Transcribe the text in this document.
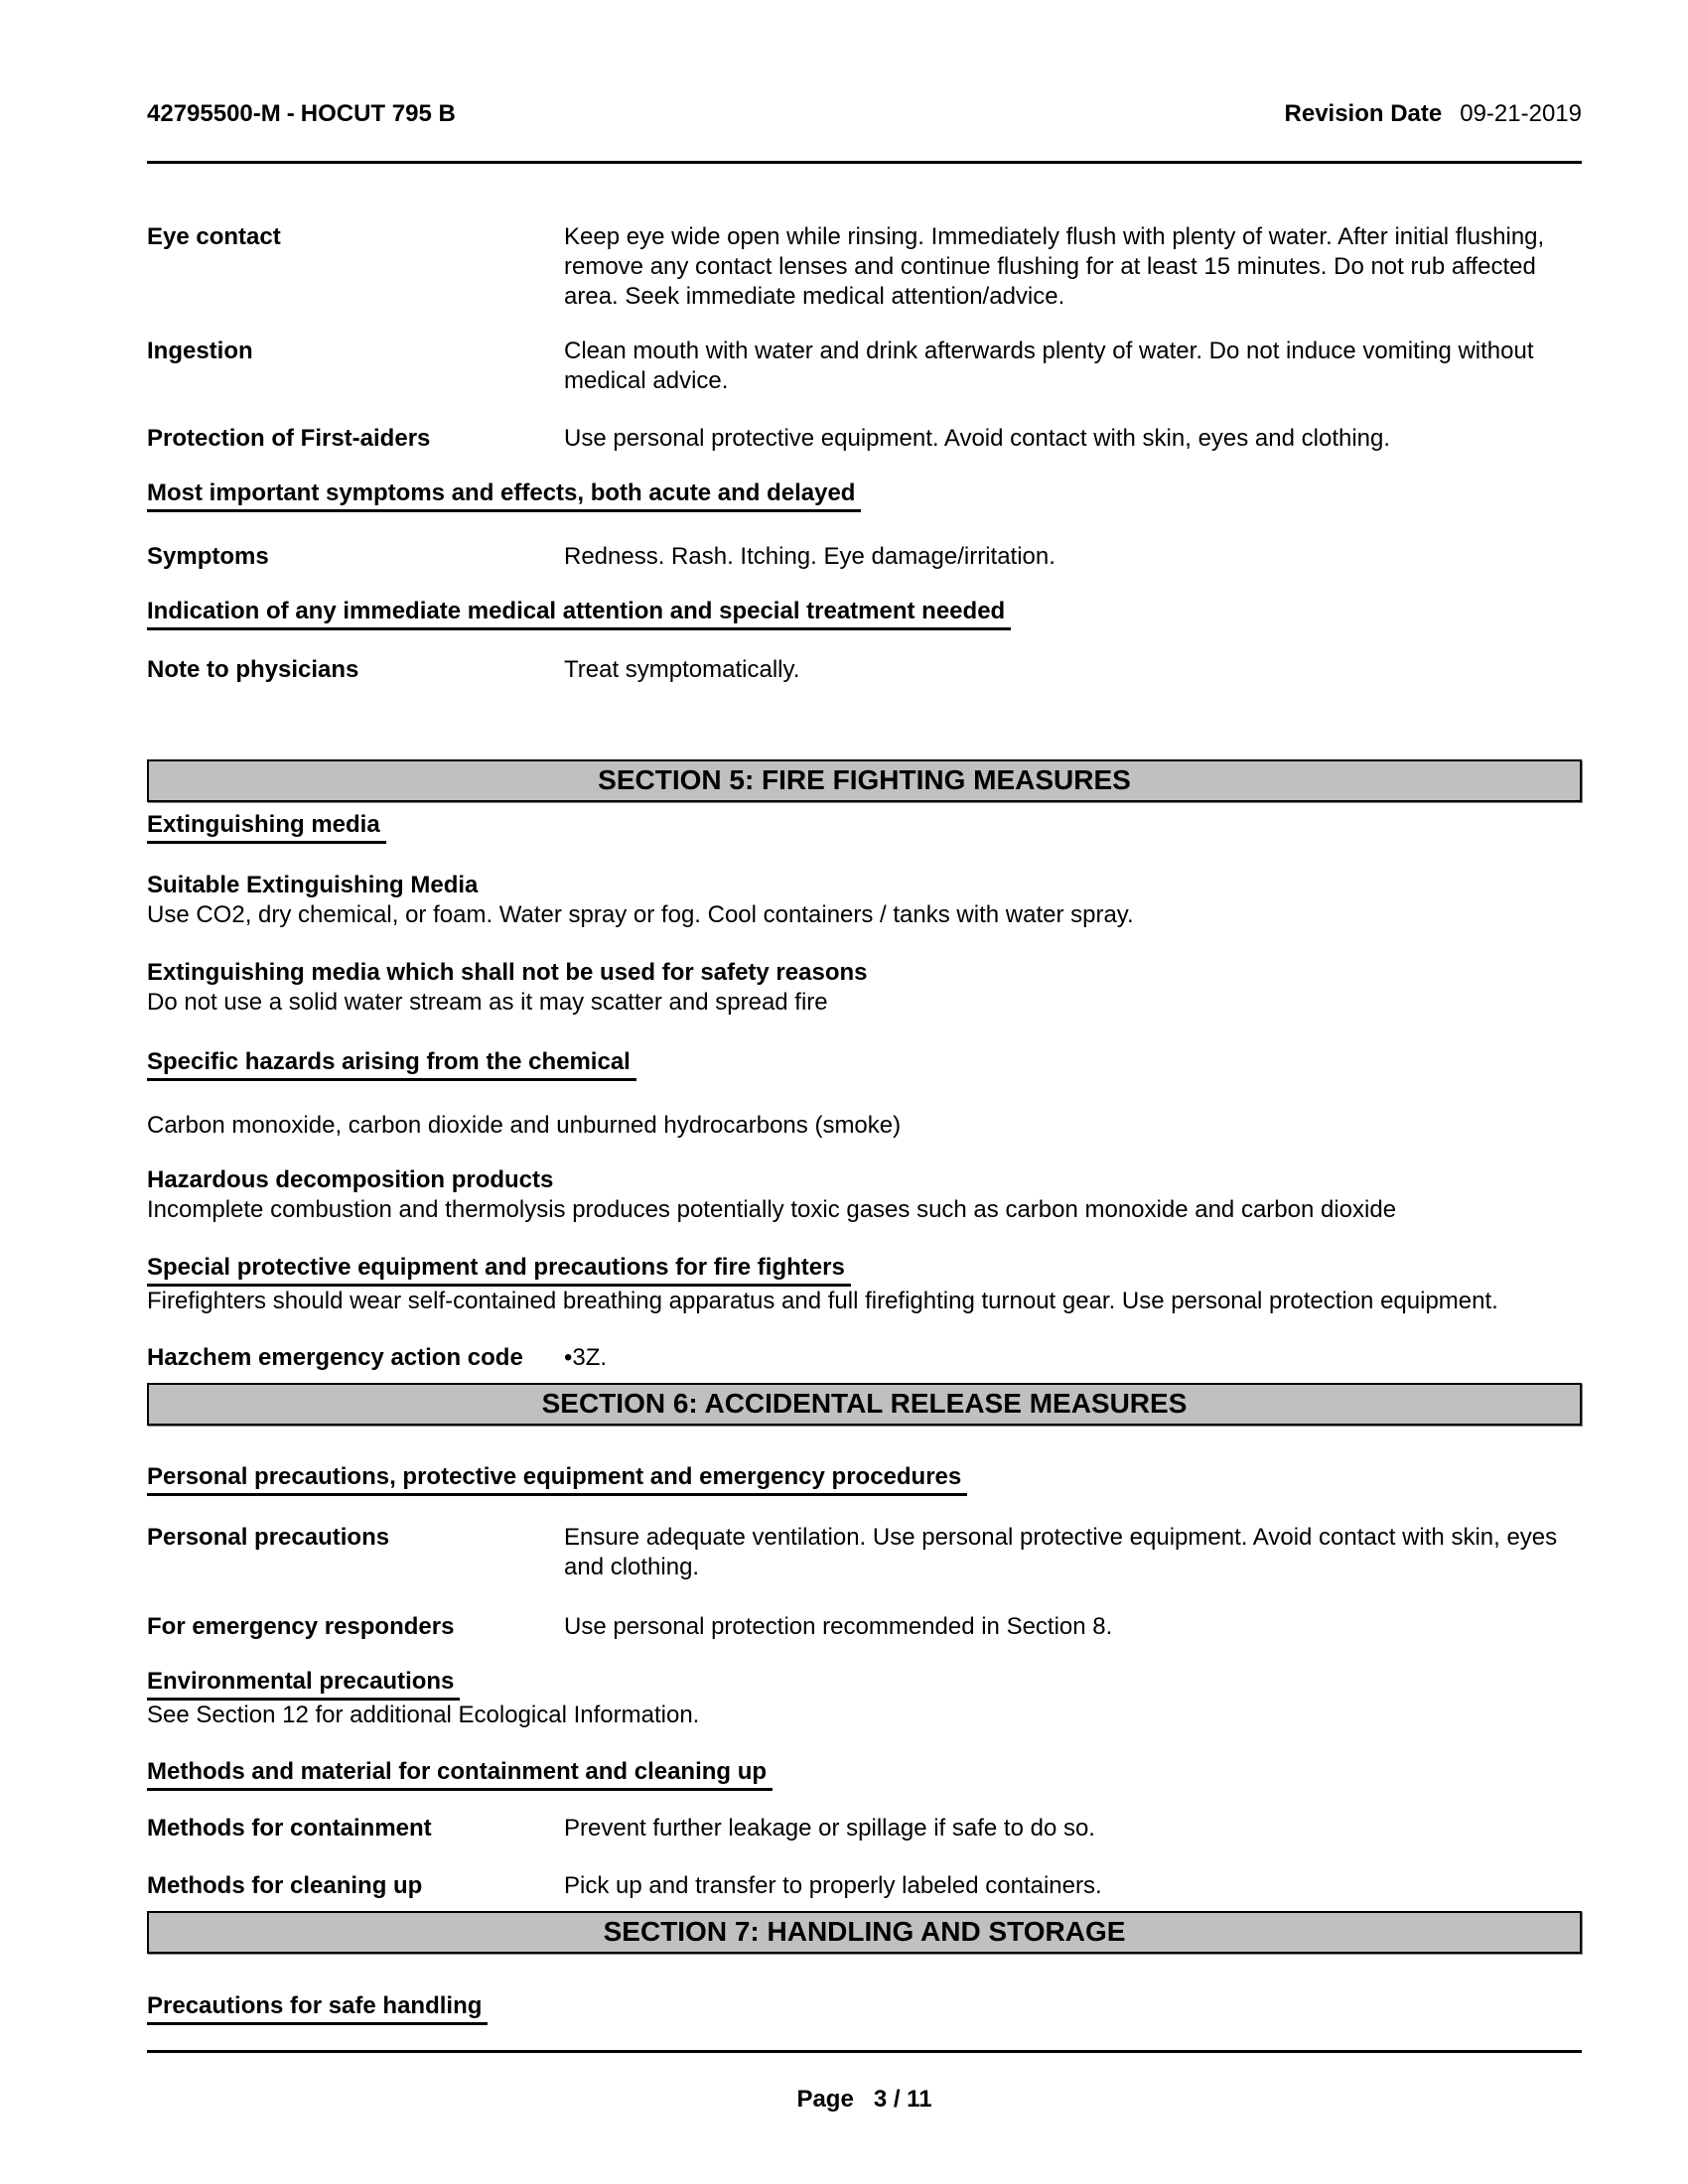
42795500-M - HOCUT 795 B	Revision Date 09-21-2019
Eye contact	Keep eye wide open while rinsing. Immediately flush with plenty of water. After initial flushing, remove any contact lenses and continue flushing for at least 15 minutes. Do not rub affected area. Seek immediate medical attention/advice.
Ingestion	Clean mouth with water and drink afterwards plenty of water. Do not induce vomiting without medical advice.
Protection of First-aiders	Use personal protective equipment. Avoid contact with skin, eyes and clothing.
Most important symptoms and effects, both acute and delayed
Symptoms	Redness. Rash. Itching. Eye damage/irritation.
Indication of any immediate medical attention and special treatment needed
Note to physicians	Treat symptomatically.
SECTION 5: FIRE FIGHTING MEASURES
Extinguishing media
Suitable Extinguishing Media
Use CO2, dry chemical, or foam. Water spray or fog. Cool containers / tanks with water spray.
Extinguishing media which shall not be used for safety reasons
Do not use a solid water stream as it may scatter and spread fire
Specific hazards arising from the chemical
Carbon monoxide, carbon dioxide and unburned hydrocarbons (smoke)
Hazardous decomposition products
Incomplete combustion and thermolysis produces potentially toxic gases such as carbon monoxide and carbon dioxide
Special protective equipment and precautions for fire fighters
Firefighters should wear self-contained breathing apparatus and full firefighting turnout gear. Use personal protection equipment.
Hazchem emergency action code	•3Z.
SECTION 6: ACCIDENTAL RELEASE MEASURES
Personal precautions, protective equipment and emergency procedures
Personal precautions	Ensure adequate ventilation. Use personal protective equipment. Avoid contact with skin, eyes and clothing.
For emergency responders	Use personal protection recommended in Section 8.
Environmental precautions
See Section 12 for additional Ecological Information.
Methods and material for containment and cleaning up
Methods for containment	Prevent further leakage or spillage if safe to do so.
Methods for cleaning up	Pick up and transfer to properly labeled containers.
SECTION 7: HANDLING AND STORAGE
Precautions for safe handling
Page 3 / 11
